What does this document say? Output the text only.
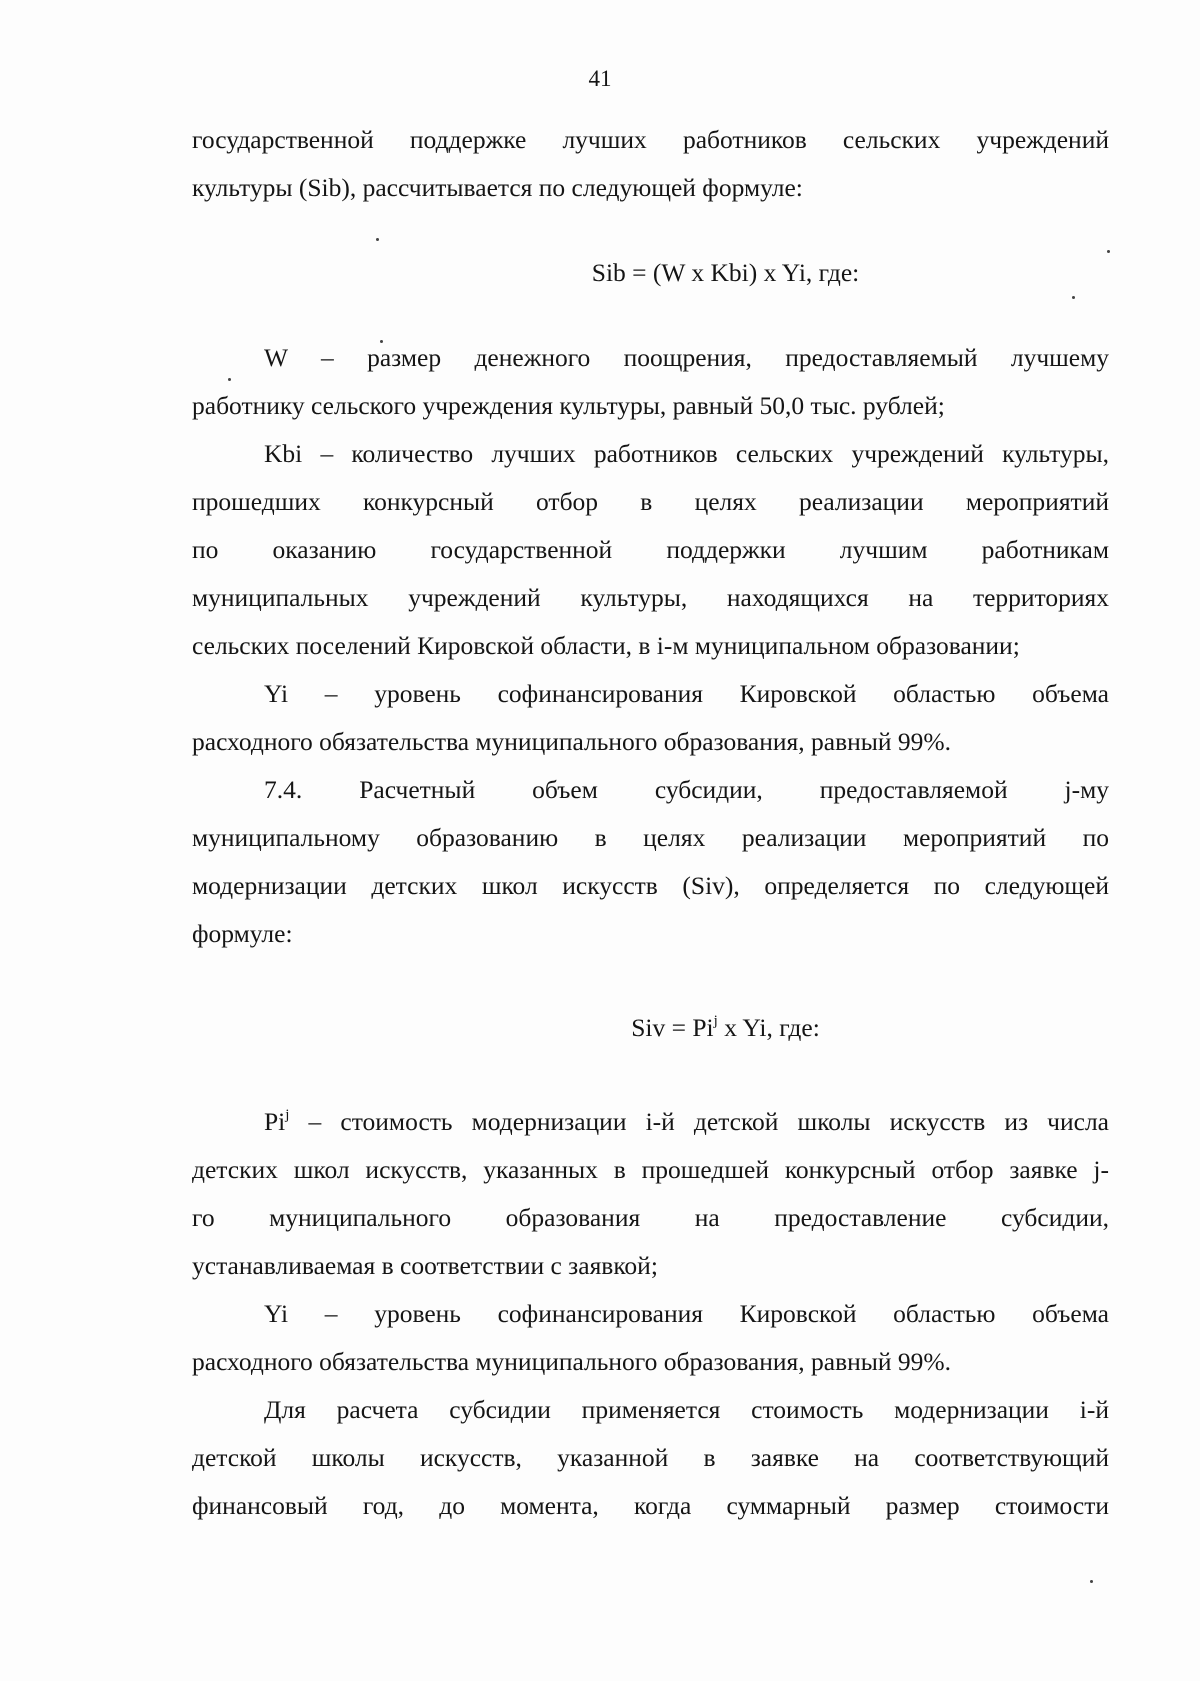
41

государственной поддержке лучших работников сельских учреждений

культуры (Sib), рассчитывается по следующей формуле:

Sib = (W x Kbi) x Yi, где:

W – размер денежного поощрения, предоставляемый лучшему

работнику сельского учреждения культуры, равный 50,0 тыс. рублей;

Kbi – количество лучших работников сельских учреждений культуры,

прошедших конкурсный отбор в целях реализации мероприятий

по оказанию государственной поддержки лучшим работникам

муниципальных учреждений культуры, находящихся на территориях

сельских поселений Кировской области, в i-м муниципальном образовании;

Yi – уровень софинансирования Кировской областью объема

расходного обязательства муниципального образования, равный 99%.

7.4. Расчетный объем субсидии, предоставляемой j-му

муниципальному образованию в целях реализации мероприятий по

модернизации детских школ искусств (Siv), определяется по следующей

формуле:

Siv = $Pi^j$ x Yi, где:

Pi$^j$ – стоимость модернизации i-й детской школы искусств из числа

детских школ искусств, указанных в прошедшей конкурсный отбор заявке j-

го муниципального образования на предоставление субсидии,

устанавливаемая в соответствии с заявкой;

Yi – уровень софинансирования Кировской областью объема

расходного обязательства муниципального образования, равный 99%.

Для расчета субсидии применяется стоимость модернизации i-й

детской школы искусств, указанной в заявке на соответствующий

финансовый год, до момента, когда суммарный размер стоимости
